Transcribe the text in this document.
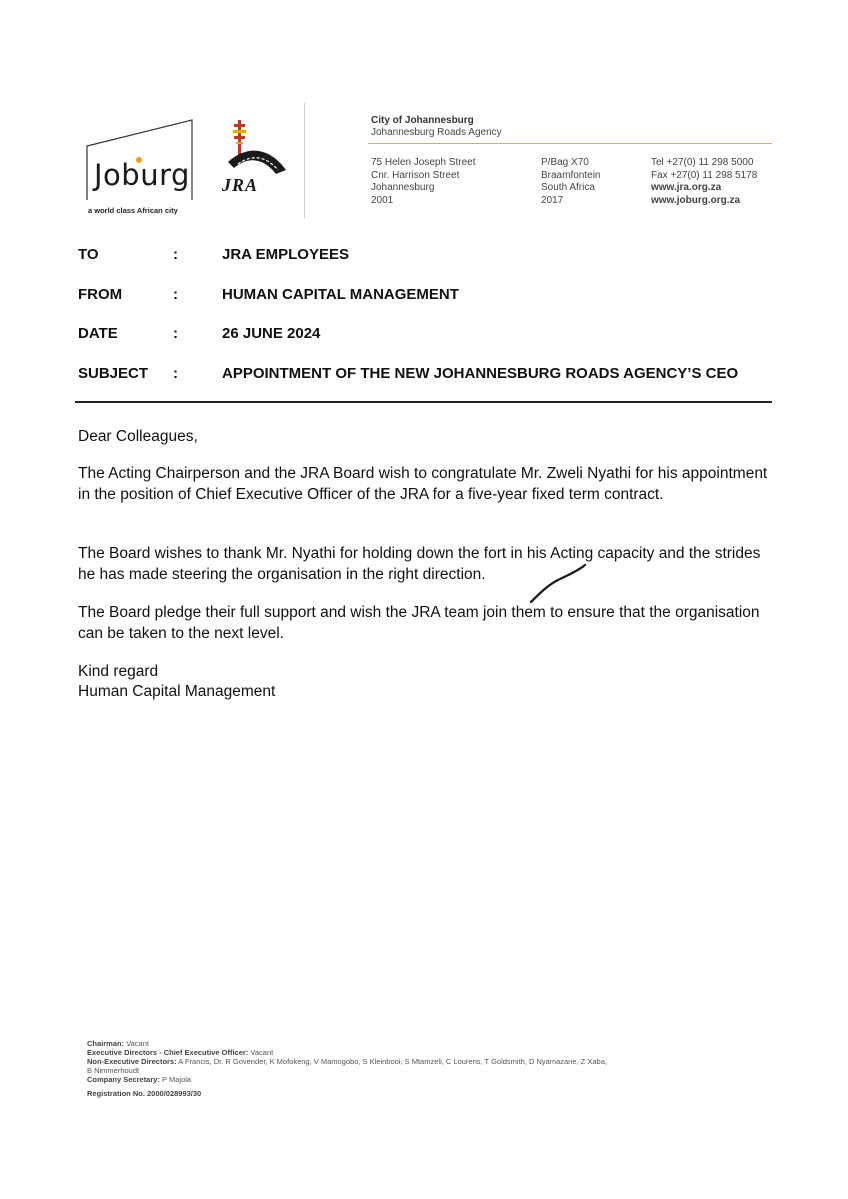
Joburg
a world class African city
JRA
City of Johannesburg
Johannesburg Roads Agency
75 Helen Joseph Street
Cnr. Harrison Street
Johannesburg
2001
P/Bag X70
Braamfontein
South Africa
2017
Tel +27(0) 11 298 5000
Fax +27(0) 11 298 5178
www.jra.org.za
www.joburg.org.za
TO	:	JRA EMPLOYEES
FROM	:	HUMAN CAPITAL MANAGEMENT
DATE	:	26 JUNE 2024
SUBJECT :	APPOINTMENT OF THE NEW JOHANNESBURG ROADS AGENCY’S CEO
Dear Colleagues,
The Acting Chairperson and the JRA Board wish to congratulate Mr. Zweli Nyathi for his appointment in the position of Chief Executive Officer of the JRA for a five-year fixed term contract.
The Board wishes to thank Mr. Nyathi for holding down the fort in his Acting capacity and the strides he has made steering the organisation in the right direction.
The Board pledge their full support and wish the JRA team join them to ensure that the organisation can be taken to the next level.
Kind regard
Human Capital Management
Chairman: Vacant
Executive Directors - Chief Executive Officer: Vacant
Non-Executive Directors: A Francis, Dr. R Govender, K Mofokeng, V Mamogobo, S Kleinbooi, S Mtamzeli, C Lourens, T Goldsmith, D Nyamazane, Z Xaba,
B Nimmerhoudt
Company Secretary: P Majola
Registration No. 2000/028993/30
